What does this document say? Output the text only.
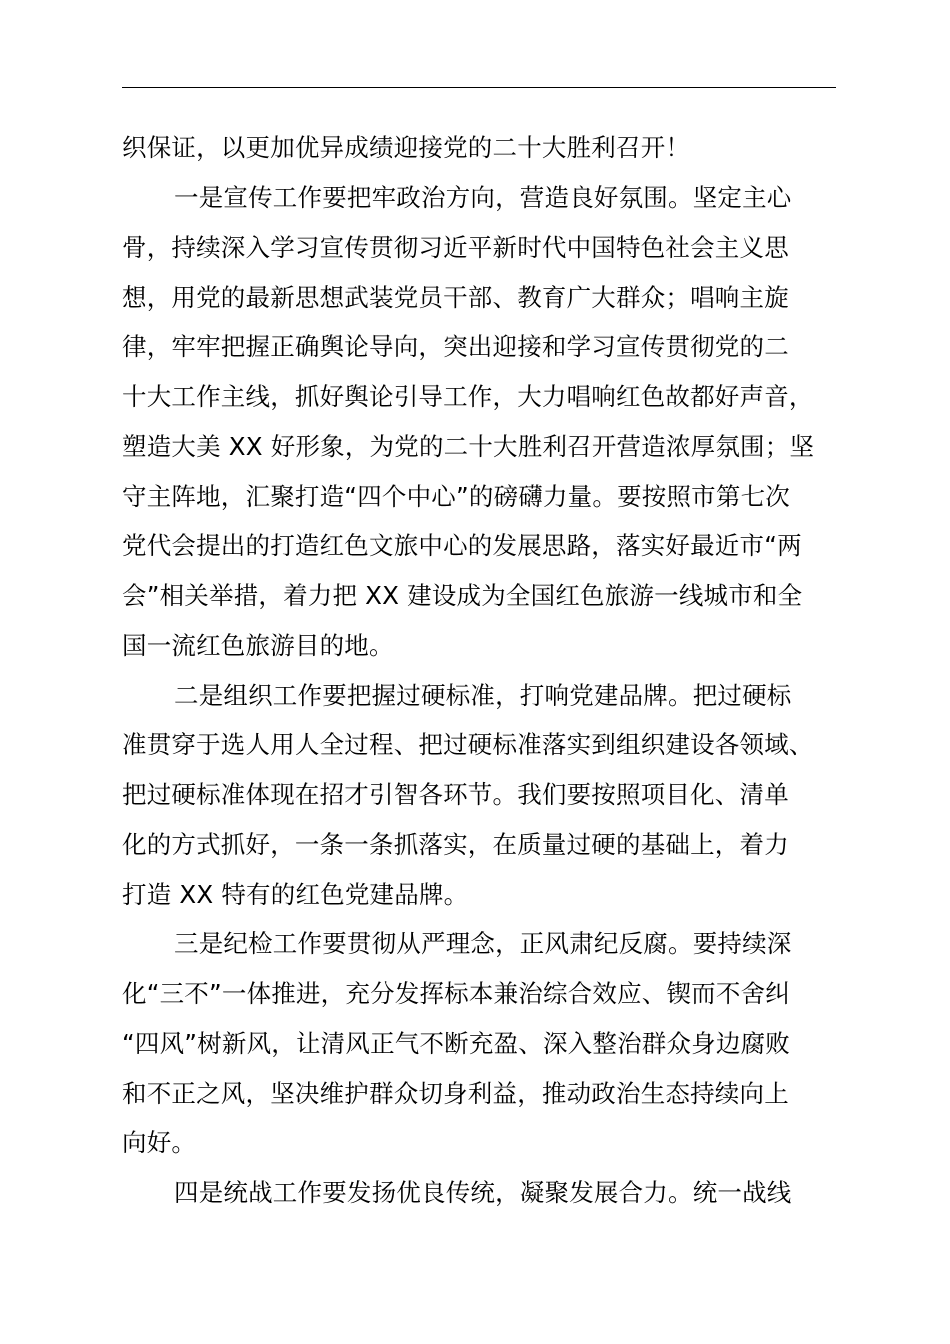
织保证，以更加优异成绩迎接党的二十大胜利召开！
一是宣传工作要把牢政治方向，营造良好氛围。坚定主心
骨，持续深入学习宣传贯彻习近平新时代中国特色社会主义思
想，用党的最新思想武装党员干部、教育广大群众；唱响主旋
律，牢牢把握正确舆论导向，突出迎接和学习宣传贯彻党的二
十大工作主线，抓好舆论引导工作，大力唱响红色故都好声音，
塑造大美 XX 好形象，为党的二十大胜利召开营造浓厚氛围；坚
守主阵地，汇聚打造“四个中心”的磅礴力量。要按照市第七次
党代会提出的打造红色文旅中心的发展思路，落实好最近市“两
会”相关举措，着力把 XX 建设成为全国红色旅游一线城市和全
国一流红色旅游目的地。
二是组织工作要把握过硬标准，打响党建品牌。把过硬标
准贯穿于选人用人全过程、把过硬标准落实到组织建设各领域、
把过硬标准体现在招才引智各环节。我们要按照项目化、清单
化的方式抓好，一条一条抓落实，在质量过硬的基础上，着力
打造 XX 特有的红色党建品牌。
三是纪检工作要贯彻从严理念，正风肃纪反腐。要持续深
化“三不”一体推进，充分发挥标本兼治综合效应、锲而不舍纠
“四风”树新风，让清风正气不断充盈、深入整治群众身边腐败
和不正之风，坚决维护群众切身利益，推动政治生态持续向上
向好。
四是统战工作要发扬优良传统，凝聚发展合力。统一战线
